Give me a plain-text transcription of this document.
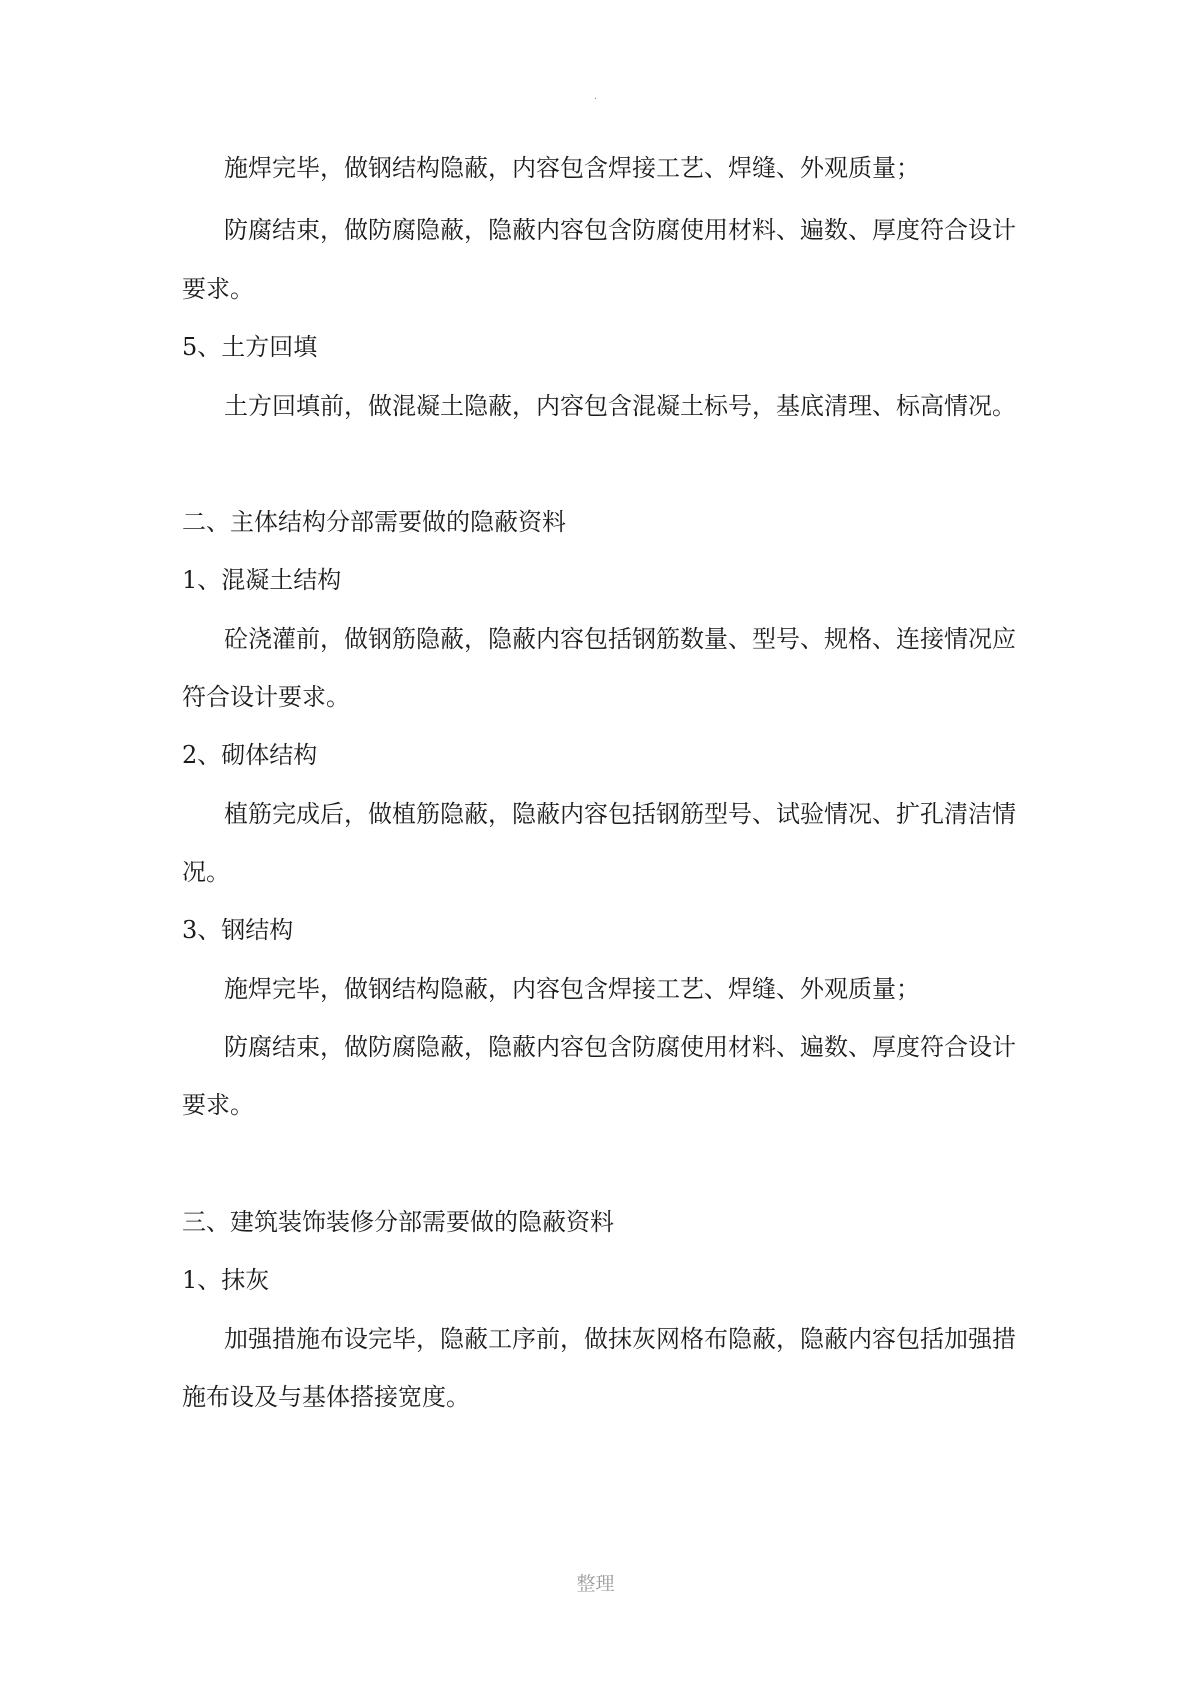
.

施焊完毕，做钢结构隐蔽，内容包含焊接工艺、焊缝、外观质量；

防腐结束，做防腐隐蔽，隐蔽内容包含防腐使用材料、遍数、厚度符合设计

要求。

5、土方回填

土方回填前，做混凝土隐蔽，内容包含混凝土标号，基底清理、标高情况。

二、主体结构分部需要做的隐蔽资料

1、混凝土结构

砼浇灌前，做钢筋隐蔽，隐蔽内容包括钢筋数量、型号、规格、连接情况应

符合设计要求。

2、砌体结构

植筋完成后，做植筋隐蔽，隐蔽内容包括钢筋型号、试验情况、扩孔清洁情

况。

3、钢结构

施焊完毕，做钢结构隐蔽，内容包含焊接工艺、焊缝、外观质量；

防腐结束，做防腐隐蔽，隐蔽内容包含防腐使用材料、遍数、厚度符合设计

要求。

三、建筑装饰装修分部需要做的隐蔽资料

1、抹灰

加强措施布设完毕，隐蔽工序前，做抹灰网格布隐蔽，隐蔽内容包括加强措

施布设及与基体搭接宽度。

整理
